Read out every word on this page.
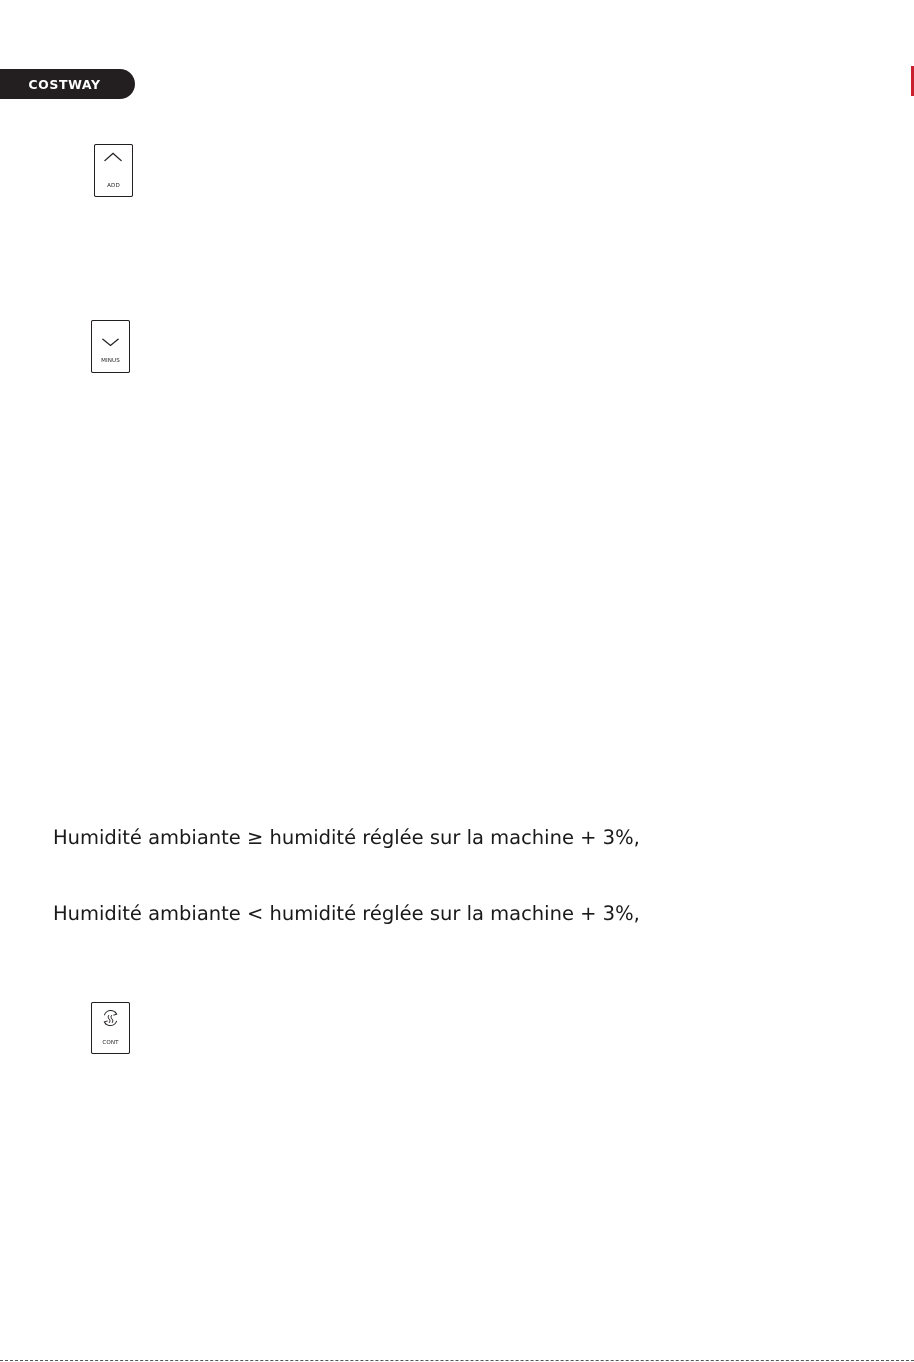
COSTWAY
ADD
MINUS
CONT

Humidité ambiante ≥ humidité réglée sur la machine + 3%,

Humidité ambiante < humidité réglée sur la machine + 3%,
